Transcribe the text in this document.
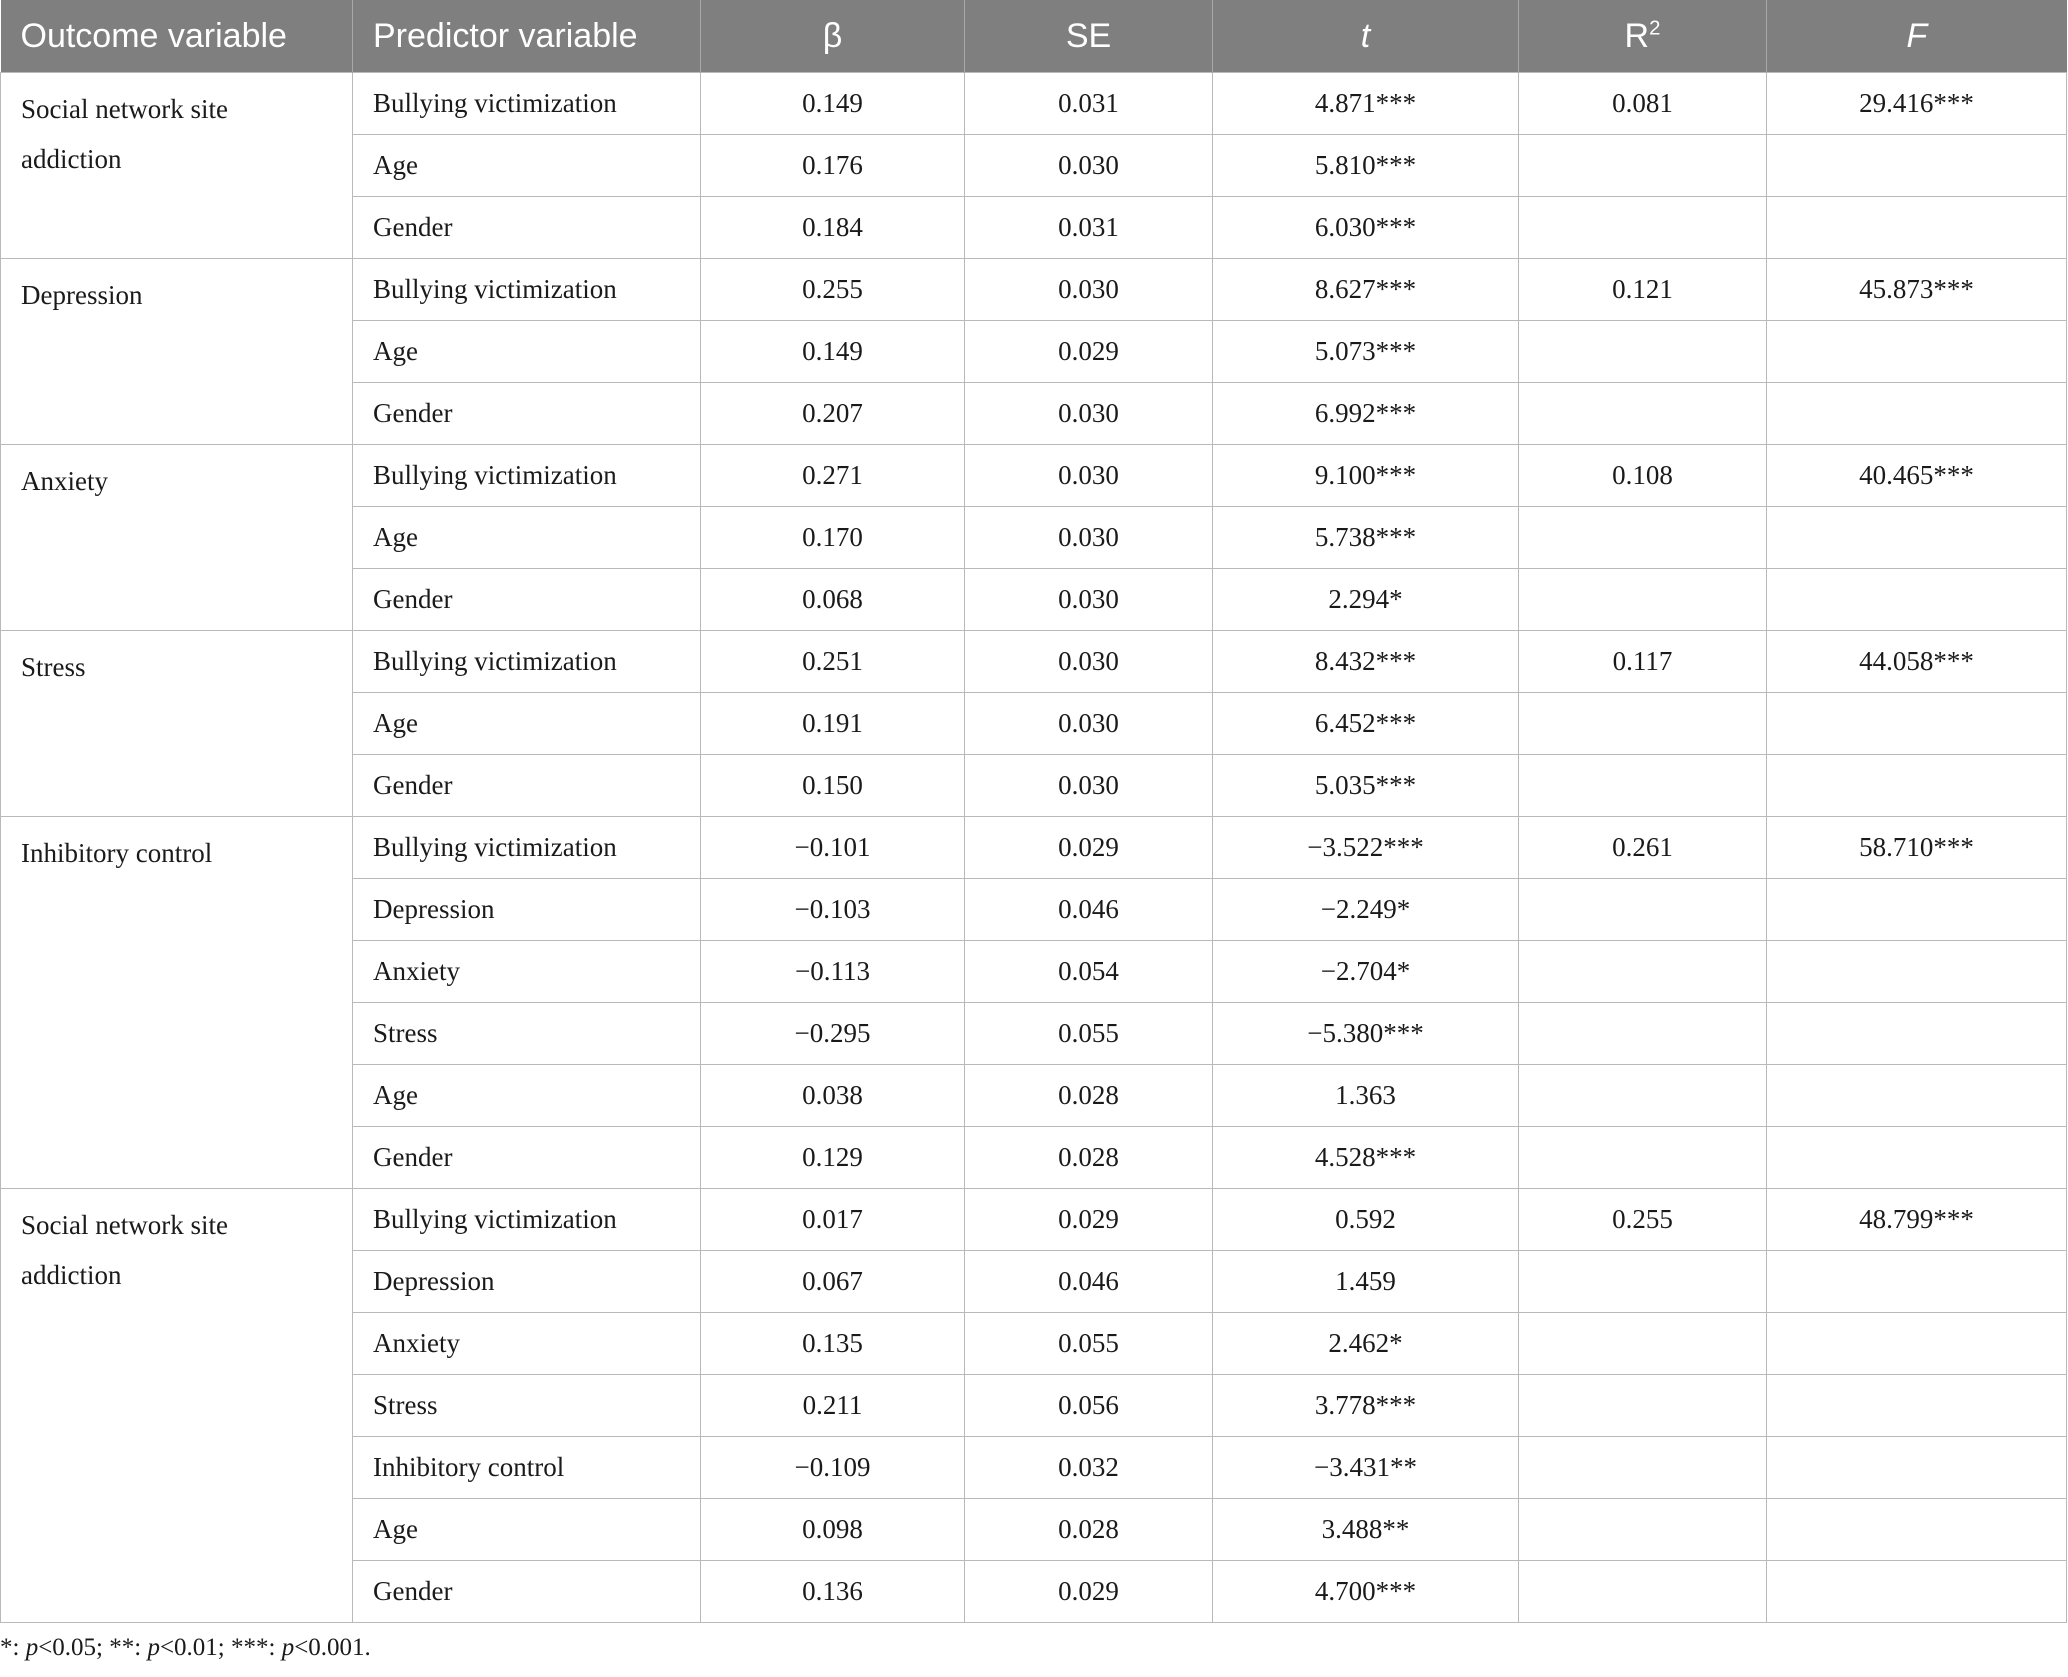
Outcome variable	Predictor variable	β	SE	t	$R^2$	F
Social network site addiction	Bullying victimization	0.149	0.031	4.871***	0.081	29.416***
	Age	0.176	0.030	5.810***		
	Gender	0.184	0.031	6.030***		
Depression	Bullying victimization	0.255	0.030	8.627***	0.121	45.873***
	Age	0.149	0.029	5.073***		
	Gender	0.207	0.030	6.992***		
Anxiety	Bullying victimization	0.271	0.030	9.100***	0.108	40.465***
	Age	0.170	0.030	5.738***		
	Gender	0.068	0.030	2.294*		
Stress	Bullying victimization	0.251	0.030	8.432***	0.117	44.058***
	Age	0.191	0.030	6.452***		
	Gender	0.150	0.030	5.035***		
Inhibitory control	Bullying victimization	−0.101	0.029	−3.522***	0.261	58.710***
	Depression	−0.103	0.046	−2.249*		
	Anxiety	−0.113	0.054	−2.704*		
	Stress	−0.295	0.055	−5.380***		
	Age	0.038	0.028	1.363		
	Gender	0.129	0.028	4.528***		
Social network site addiction	Bullying victimization	0.017	0.029	0.592	0.255	48.799***
	Depression	0.067	0.046	1.459		
	Anxiety	0.135	0.055	2.462*		
	Stress	0.211	0.056	3.778***		
	Inhibitory control	−0.109	0.032	−3.431**		
	Age	0.098	0.028	3.488**		
	Gender	0.136	0.029	4.700***		
*: p<0.05; **: p<0.01; ***: p<0.001.
